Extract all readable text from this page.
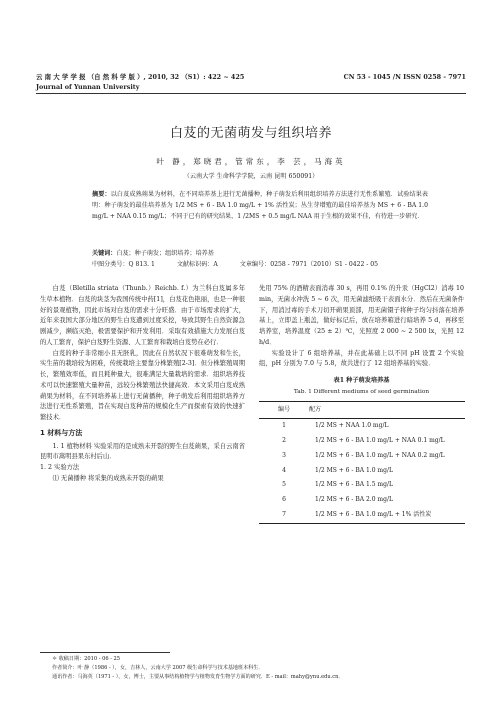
云 南 大 学 学 报 （自 然 科 学 版 ）, 2010, 32 （S1）: 422 ~ 425
Journal of Yunnan University
CN 53 - 1045 /N ISSN 0258 - 7971
白芨的无菌萌发与组织培养
叶 静，郑晓君，管常东，李 芸，马海英
（云南大学 生命科学学院，云南 昆明 650091）
摘要：以白芨成熟蒴果为材料，在不同培养基上进行无菌播种，种子萌发后利用组织培养方法进行无性系繁殖．试验结果表明：种子萌发的最佳培养基为 1/2 MS + 6 - BA 1.0 mg/L + 1% 活性炭；丛生芽增殖的最佳培养基为 MS + 6 - BA 1.0 mg/L + NAA 0.15 mg/L；不同于已有的研究结果，1 /2MS + 0.5 mg/L NAA 用于生根的效果不佳，有待进一步研究．
关键词：白芨；种子萌发；组织培养；培养基
中图分类号：Q 813. 1	文献标识码：A	文章编号：0258 - 7971（2010）S1 - 0422 - 05

白芨（Bletilla striata（Thunb.）Reichb. f.）为兰科白芨属多年生草本植物．白芨的块茎为我国传统中药[1]，白芨花色艳丽，也是一种很好的景观植物，因此市场对白芨的需求十分旺盛．由于市场需求的扩大，近年来我国大部分地区的野生白芨遭到过度采挖，导致其野生自然资源急剧减少，濒临灭绝，极需要保护和开发利用．采取有效措施大力发展白芨的人工繁育，保护白芨野生资源、人工繁育和栽培白芨势在必行．

白芨的种子非常细小且无胚乳，因此在自然状况下很难萌发和生长，实生苗的栽培较为困难，传统栽培主要靠分株繁殖[2-3]．但分株繁殖周期长，繁殖效率低，而且耗种量大，很难满足大量栽培的需求．组织培养技术可以快速繁殖大量种苗，远较分株繁殖法快捷高效．本文采用白芨成熟蒴果为材料，在不同培养基上进行无菌播种，种子萌发后利用组织培养方法进行无性系繁殖，旨在实现白芨种苗的规模化生产而探索有效的快速扩繁技术．

1 材料与方法

1. 1 植物材料 实验采用的是成熟未开裂的野生白芨蒴果，采自云南省昆明市嵩明县果东村后山．

1. 2 实验方法

⑴ 无菌播种 将采集的成熟未开裂的蒴果

先用 75% 的酒精表面消毒 30 s，再用 0.1% 的升汞（HgCl2）消毒 10 min，无菌水冲洗 5 ~ 6 次，用无菌滤纸吸干表面水分．然后在无菌条件下，用消过毒的手术刀切开蒴果顶部，用无菌镊子将种子均匀抖落在培养基上，立即盖上瓶盖，做好标记后，放在培养箱进行暗培养 5 d，再移至培养室，培养温度（25 ± 2）℃，光照度 2 000 ~ 2 500 lx，光照 12 h/d．

实验设计了 6 组培养基，并在此基础上以不同 pH 设置 2 个实验组，pH 分别为 7.0 与 5.8，故共进行了 12 组培养基的实验．

表1 种子萌发培养基
Tab. 1 Different mediums of seed germination
编号	配方
1	1/2 MS + NAA 1.0 mg/L
2	1/2 MS + 6 - BA 1.0 mg/L + NAA 0.1 mg/L
3	1/2 MS + 6 - BA 1.0 mg/L + NAA 0.2 mg/L
4	1/2 MS + 6 - BA 1.0 mg/L
5	1/2 MS + 6 - BA 1.5 mg/L
6	1/2 MS + 6 - BA 2.0 mg/L
7	1/2 MS + 6 - BA 1.0 mg/L + 1% 活性炭
＊ 收稿日期：2010 - 06 - 25
作者简介：叶 静（1986 - ），女，吉林人，云南大学 2007 级生命科学与技术基地班本科生．
通讯作者：马海英（1971 - ），女，博士，主要从事结构植物学与植物发育生物学方面的研究．E - mail：mahy@ynu.edu.cn．
